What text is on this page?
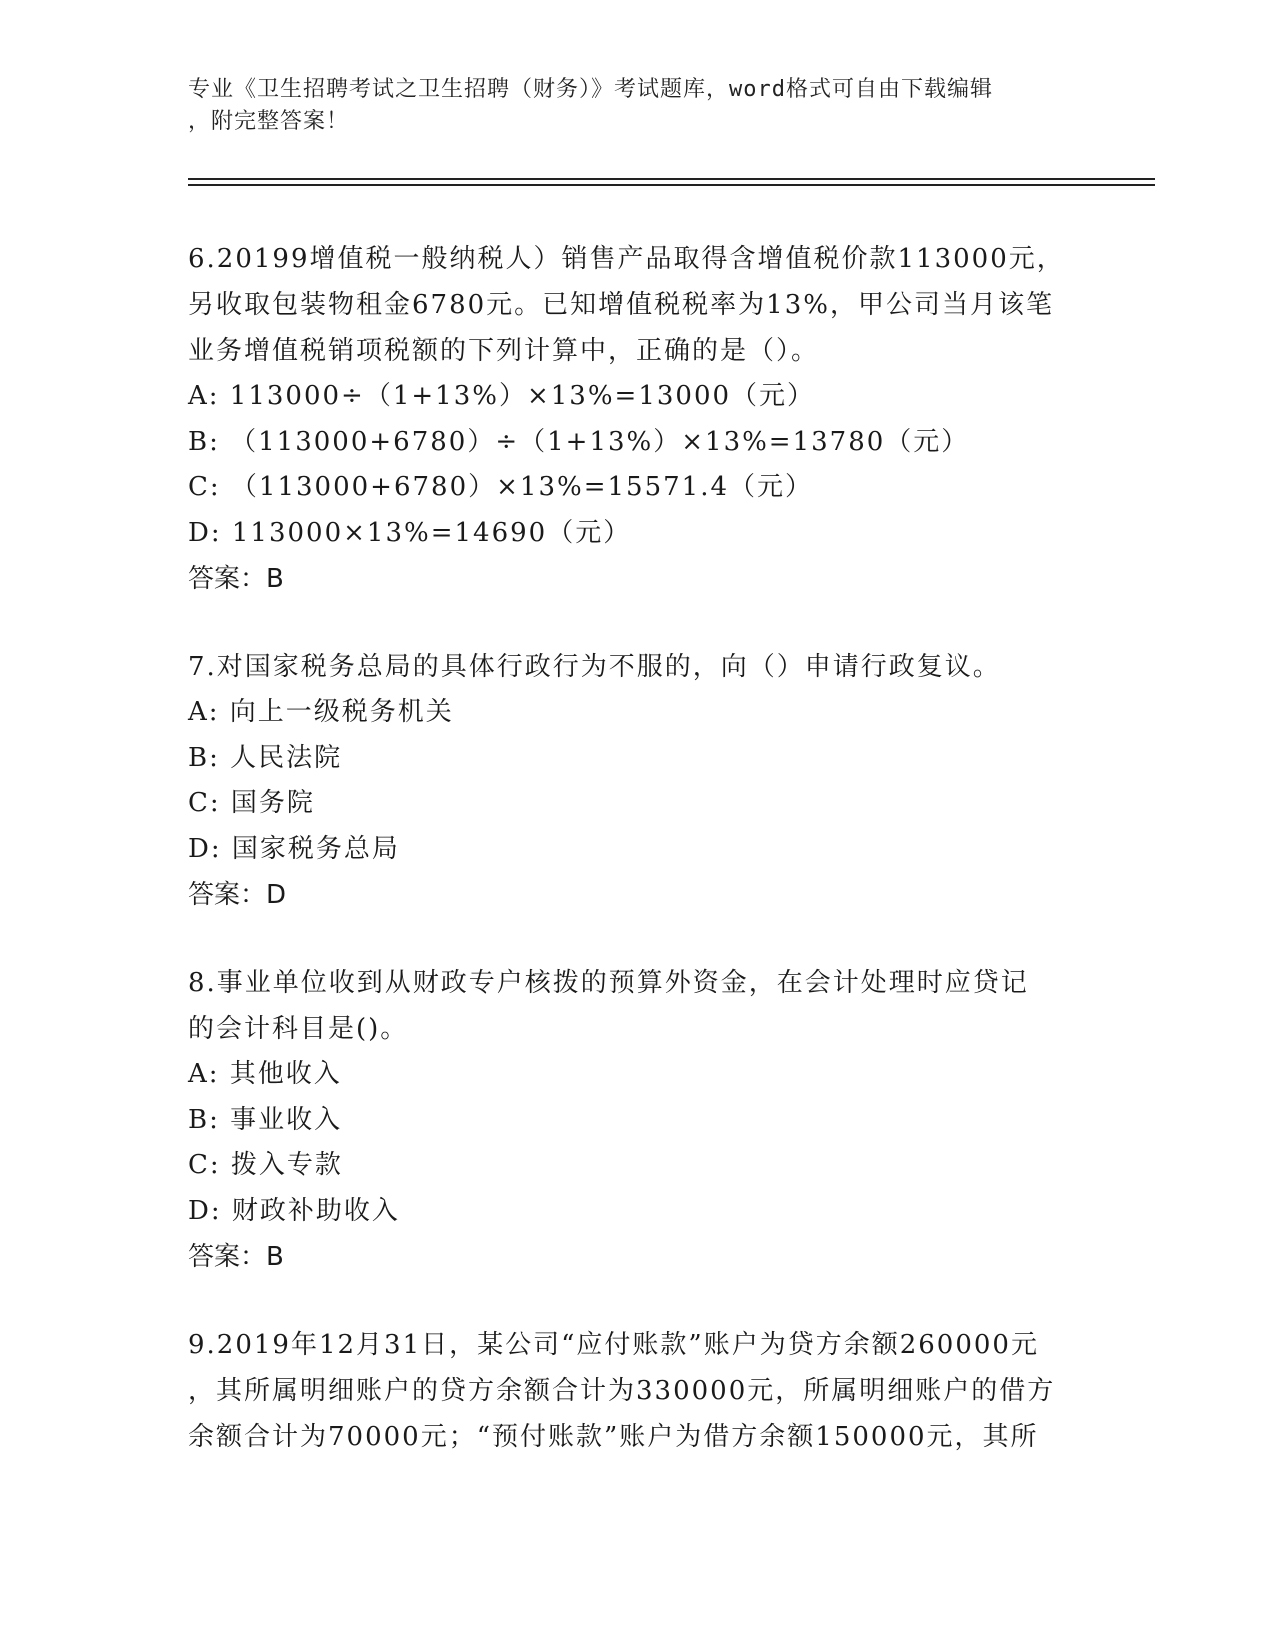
专业《卫生招聘考试之卫生招聘（财务）》考试题库，word格式可自由下载编辑
，附完整答案！

6.20199增值税一般纳税人）销售产品取得含增值税价款113000元，

另收取包装物租金6780元。已知增值税税率为13%，甲公司当月该笔

业务增值税销项税额的下列计算中，正确的是（）。

A: 113000÷（1+13%）×13%=13000（元）

B: （113000+6780）÷（1+13%）×13%=13780（元）

C: （113000+6780）×13%=15571.4（元）

D: 113000×13%=14690（元）

答案：B

7.对国家税务总局的具体行政行为不服的，向（）申请行政复议。

A: 向上一级税务机关

B: 人民法院

C: 国务院

D: 国家税务总局

答案：D

8.事业单位收到从财政专户核拨的预算外资金，在会计处理时应贷记

的会计科目是()。

A: 其他收入

B: 事业收入

C: 拨入专款

D: 财政补助收入

答案：B

9.2019年12月31日，某公司“应付账款”账户为贷方余额260000元

，其所属明细账户的贷方余额合计为330000元，所属明细账户的借方

余额合计为70000元；“预付账款”账户为借方余额150000元，其所
